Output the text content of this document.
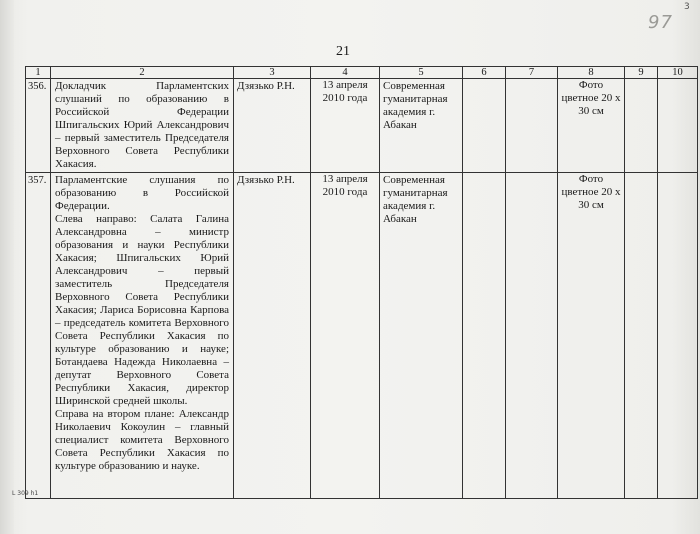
3
97
21
1	2	3	4	5	6	7	8	9	10
356.	Докладчик Парламентских слушаний по образованию в Российской Федерации Шпигальских Юрий Александрович – первый заместитель Председателя Верховного Совета Республики Хакасия.	Дзязько Р.Н.	13 апреля 2010 года	Современная гуманитарная академия г. Абакан			Фото цветное 20 х 30 см		
357.	Парламентские слушания по образованию в Российской Федерации.
Слева направо: Салата Галина Александровна – министр образования и науки Республики Хакасия; Шпигальских Юрий Александрович – первый заместитель Председателя Верховного Совета Республики Хакасия; Лариса Борисовна Карпова – председатель комитета Верховного Совета Республики Хакасия по культуре образованию и науке; Ботандаева Надежда Николаевна – депутат Верховного Совета Республики Хакасия, директор Ширинской средней школы.
Справа на втором плане: Александр Николаевич Кокоулин – главный специалист комитета Верховного Совета Республики Хакасия по культуре образованию и науке.	Дзязько Р.Н.	13 апреля 2010 года	Современная гуманитарная академия г. Абакан			Фото цветное 20 х 30 см		
L 309 h1
